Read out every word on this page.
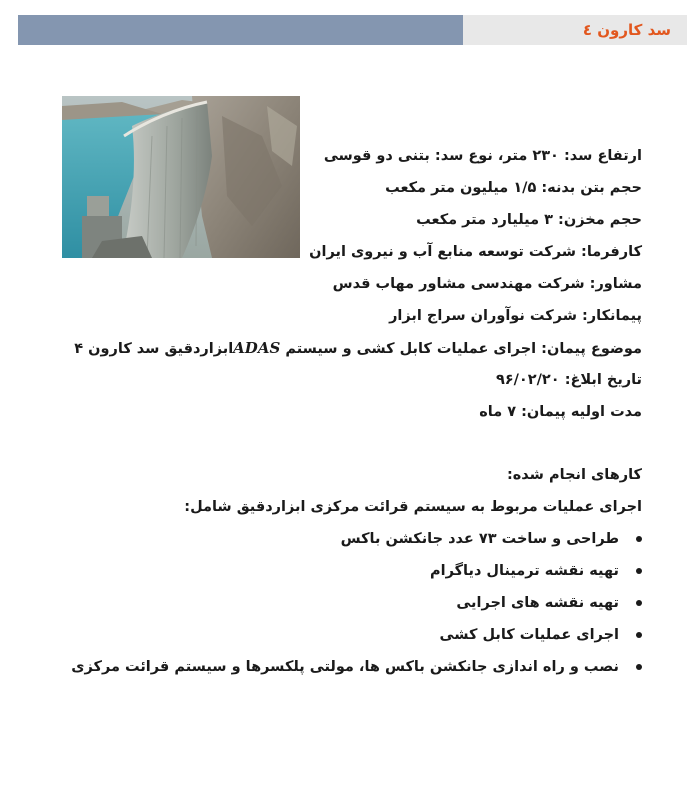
سد کارون ٤
ارتفاع سد: ۲۳۰ متر، نوع سد: بتنی دو قوسی
حجم بتن بدنه: ۱/۵ میلیون متر مکعب
حجم مخزن: ۳ میلیارد متر مکعب
کارفرما: شرکت توسعه منابع آب و نیروی ایران
مشاور: شرکت مهندسی مشاور مهاب قدس
پیمانکار: شرکت نوآوران سراج ابزار
موضوع پیمان: اجرای عملیات کابل کشی و سیستم ADASابزاردقیق سد کارون ۴
تاریخ ابلاغ: ۹۶/۰۲/۲۰
مدت اولیه پیمان: ۷ ماه
کارهای انجام شده:
اجرای عملیات مربوط به سیستم قرائت مرکزی ابزاردقیق شامل:
طراحی و ساخت ۷۳ عدد جانکشن باکس
تهیه نقشه ترمینال دیاگرام
تهیه نقشه های اجرایی
اجرای عملیات کابل کشی
نصب و راه اندازی جانکشن باکس ها، مولتی پلکسرها و سیستم قرائت مرکزی
